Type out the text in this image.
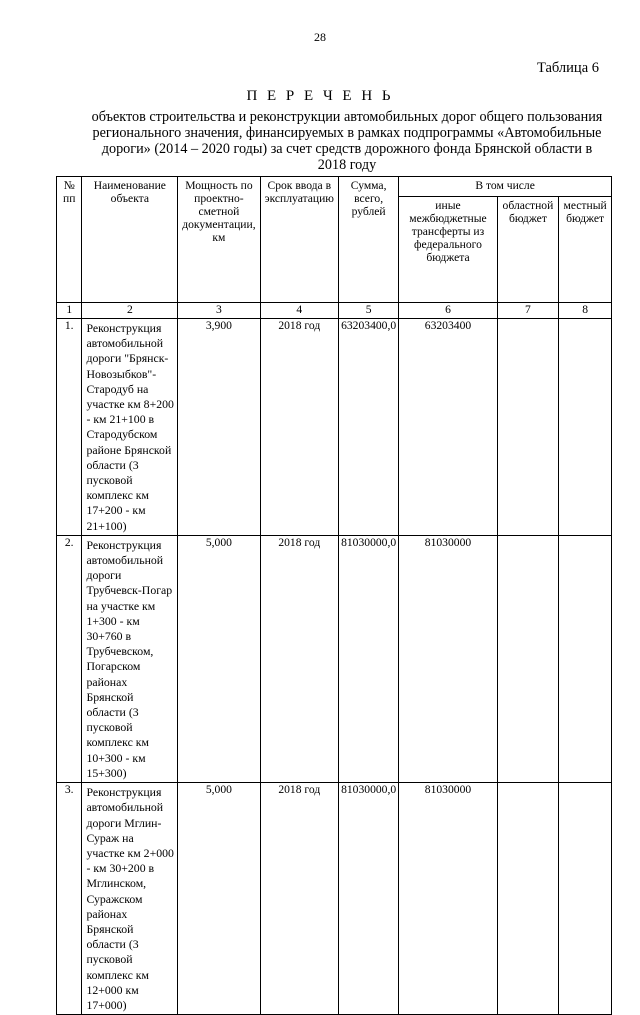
28
Таблица 6
П Е Р Е Ч Е Н Ь
объектов строительства и реконструкции автомобильных дорог общего пользования регионального значения, финансируемых в рамках подпрограммы «Автомобильные дороги» (2014 – 2020 годы) за счет средств дорожного фонда Брянской области в 2018 году
№ пп	Наименование объекта	Мощность по проектно-сметной документации, км	Срок ввода в эксплуатацию	Сумма, всего, рублей	В том числе		
					иные межбюджетные трансферты из федерального бюджета	областной бюджет	местный бюджет
1	2	3	4	5	6	7	8
1.	Реконструкция автомобильной дороги "Брянск-Новозыбков"-Стародуб на участке км 8+200 - км 21+100 в Стародубском районе Брянской области (3 пусковой комплекс км 17+200 - км 21+100)	3,900	2018 год	63203400,0	63203400		
2.	Реконструкция автомобильной дороги Трубчевск-Погар на участке км 1+300 - км 30+760 в Трубчевском, Погарском районах Брянской области (3 пусковой комплекс км 10+300 - км 15+300)	5,000	2018 год	81030000,0	81030000		
3.	Реконструкция автомобильной дороги Мглин-Сураж на участке км 2+000 - км 30+200 в Мглинском, Суражском районах Брянской области (3 пусковой комплекс км 12+000 км 17+000)	5,000	2018 год	81030000,0	81030000		
